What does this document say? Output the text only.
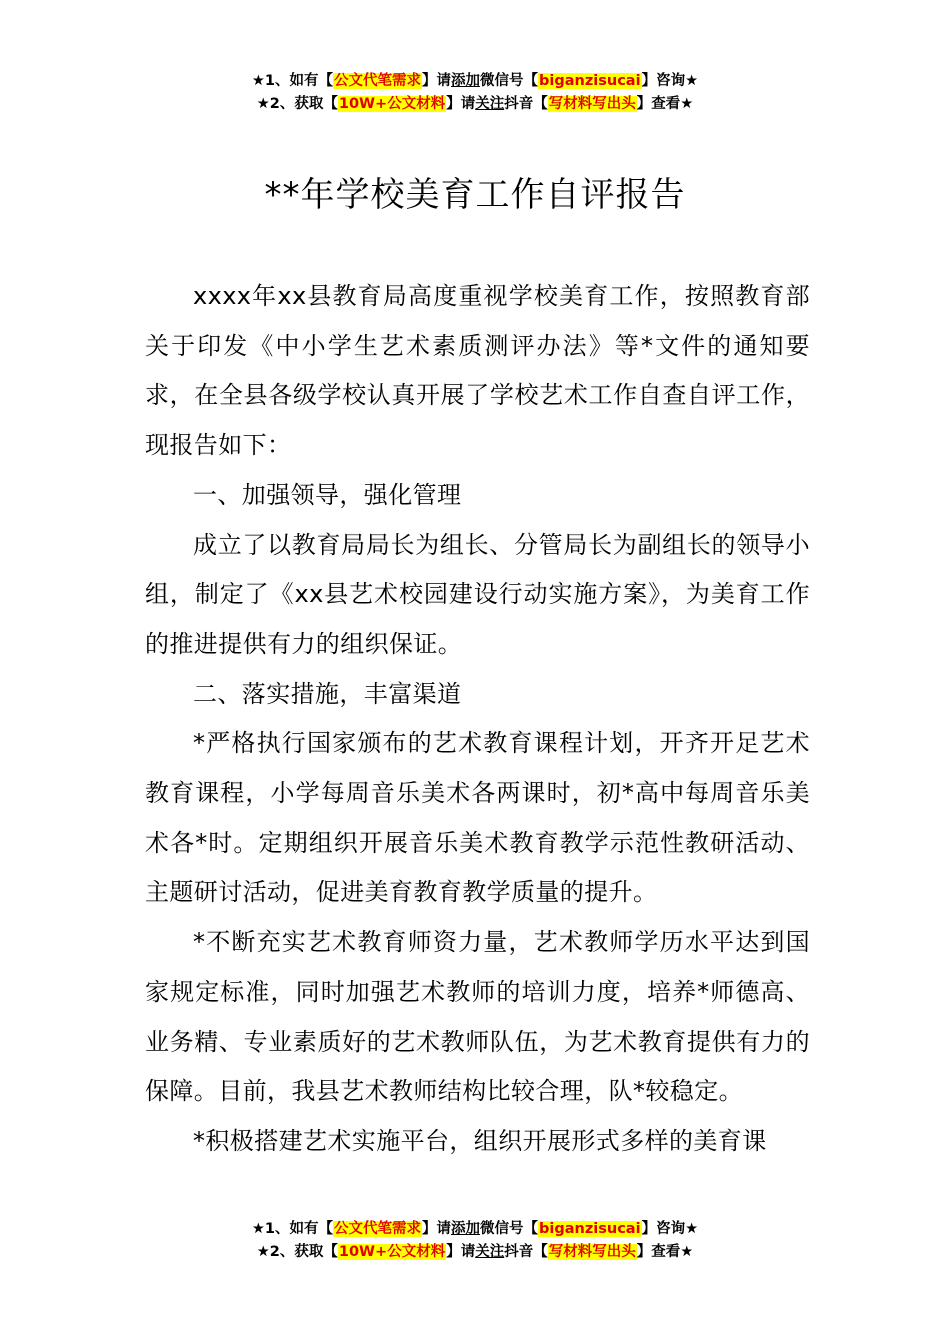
★1、如有【公文代笔需求】请添加微信号【biganzisucai】咨询★
★2、获取【10W+公文材料】请关注抖音【写材料写出头】查看★
**年学校美育工作自评报告

xxxx年xx县教育局高度重视学校美育工作，按照教育部关于印发《中小学生艺术素质测评办法》等*文件的通知要求，在全县各级学校认真开展了学校艺术工作自查自评工作，现报告如下：

一、加强领导，强化管理

成立了以教育局局长为组长、分管局长为副组长的领导小组，制定了《xx县艺术校园建设行动实施方案》，为美育工作的推进提供有力的组织保证。

二、落实措施，丰富渠道

*严格执行国家颁布的艺术教育课程计划，开齐开足艺术教育课程，小学每周音乐美术各两课时，初*高中每周音乐美术各*时。定期组织开展音乐美术教育教学示范性教研活动、主题研讨活动，促进美育教育教学质量的提升。

*不断充实艺术教育师资力量，艺术教师学历水平达到国家规定标准，同时加强艺术教师的培训力度，培养*师德高、业务精、专业素质好的艺术教师队伍，为艺术教育提供有力的保障。目前，我县艺术教师结构比较合理，队*较稳定。

*积极搭建艺术实施平台，组织开展形式多样的美育课

★1、如有【公文代笔需求】请添加微信号【biganzisucai】咨询★
★2、获取【10W+公文材料】请关注抖音【写材料写出头】查看★
